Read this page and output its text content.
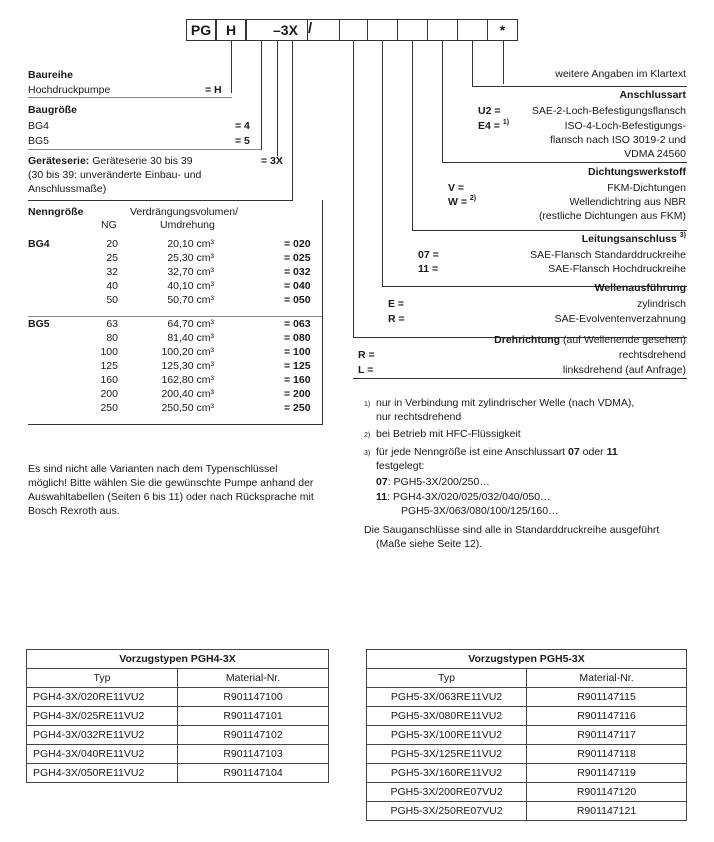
PG	H	–3X /	*
Baureihe
Hochdruckpumpe	= H
Baugröße
BG4	= 4
BG5	= 5
Geräteserie: Geräteserie 30 bis 39	= 3X
(30 bis 39: unveränderte Einbau- und
Anschlussmaße)
Nenngröße	Verdrängungsvolumen/
NG	Umdrehung
BG4	20	20,10 cm³	= 020
25	25,30 cm³	= 025
32	32,70 cm³	= 032
40	40,10 cm³	= 040
50	50,70 cm³	= 050
BG5	63	64,70 cm³	= 063
80	81,40 cm³	= 080
100	100,20 cm³	= 100
125	125,30 cm³	= 125
160	162,80 cm³	= 160
200	200,40 cm³	= 200
250	250,50 cm³	= 250
Es sind nicht alle Varianten nach dem Typenschlüssel
möglich! Bitte wählen Sie die gewünschte Pumpe anhand der
Auswahltabellen (Seiten 6 bis 11) oder nach Rücksprache mit
Bosch Rexroth aus.
weitere Angaben im Klartext
Anschlussart
U2 =	SAE-2-Loch-Befestigungsflansch
E4 = $^{1)}$	ISO-4-Loch-Befestigungs-
flansch nach ISO 3019-2 und
VDMA 24560
Dichtungswerkstoff
V =	FKM-Dichtungen
W = $^{2)}$	Wellendichtring aus NBR
(restliche Dichtungen aus FKM)
Leitungsanschluss $^{3)}$
07 =	SAE-Flansch Standarddruckreihe
11 =	SAE-Flansch Hochdruckreihe
Wellenausführung
E =	zylindrisch
R =	SAE-Evolventenverzahnung
Drehrichtung (auf Wellenende gesehen)
R =	rechtsdrehend
L =	linksdrehend (auf Anfrage)
1) nur in Verbindung mit zylindrischer Welle (nach VDMA),
nur rechtsdrehend
2) bei Betrieb mit HFC-Flüssigkeit
3) für jede Nenngröße ist eine Anschlussart 07 oder 11
festgelegt:
07: PGH5-3X/200/250…
11: PGH4-3X/020/025/032/040/050…
PGH5-3X/063/080/100/125/160…
Die Sauganschlüsse sind alle in Standarddruckreihe ausgeführt
(Maße siehe Seite 12).
Vorzugstypen PGH4-3X	
Typ	Material-Nr.
PGH4-3X/020RE11VU2	R901147100
PGH4-3X/025RE11VU2	R901147101
PGH4-3X/032RE11VU2	R901147102
PGH4-3X/040RE11VU2	R901147103
PGH4-3X/050RE11VU2	R901147104
Vorzugstypen PGH5-3X	
Typ	Material-Nr.
PGH5-3X/063RE11VU2	R901147115
PGH5-3X/080RE11VU2	R901147116
PGH5-3X/100RE11VU2	R901147117
PGH5-3X/125RE11VU2	R901147118
PGH5-3X/160RE11VU2	R901147119
PGH5-3X/200RE07VU2	R901147120
PGH5-3X/250RE07VU2	R901147121
